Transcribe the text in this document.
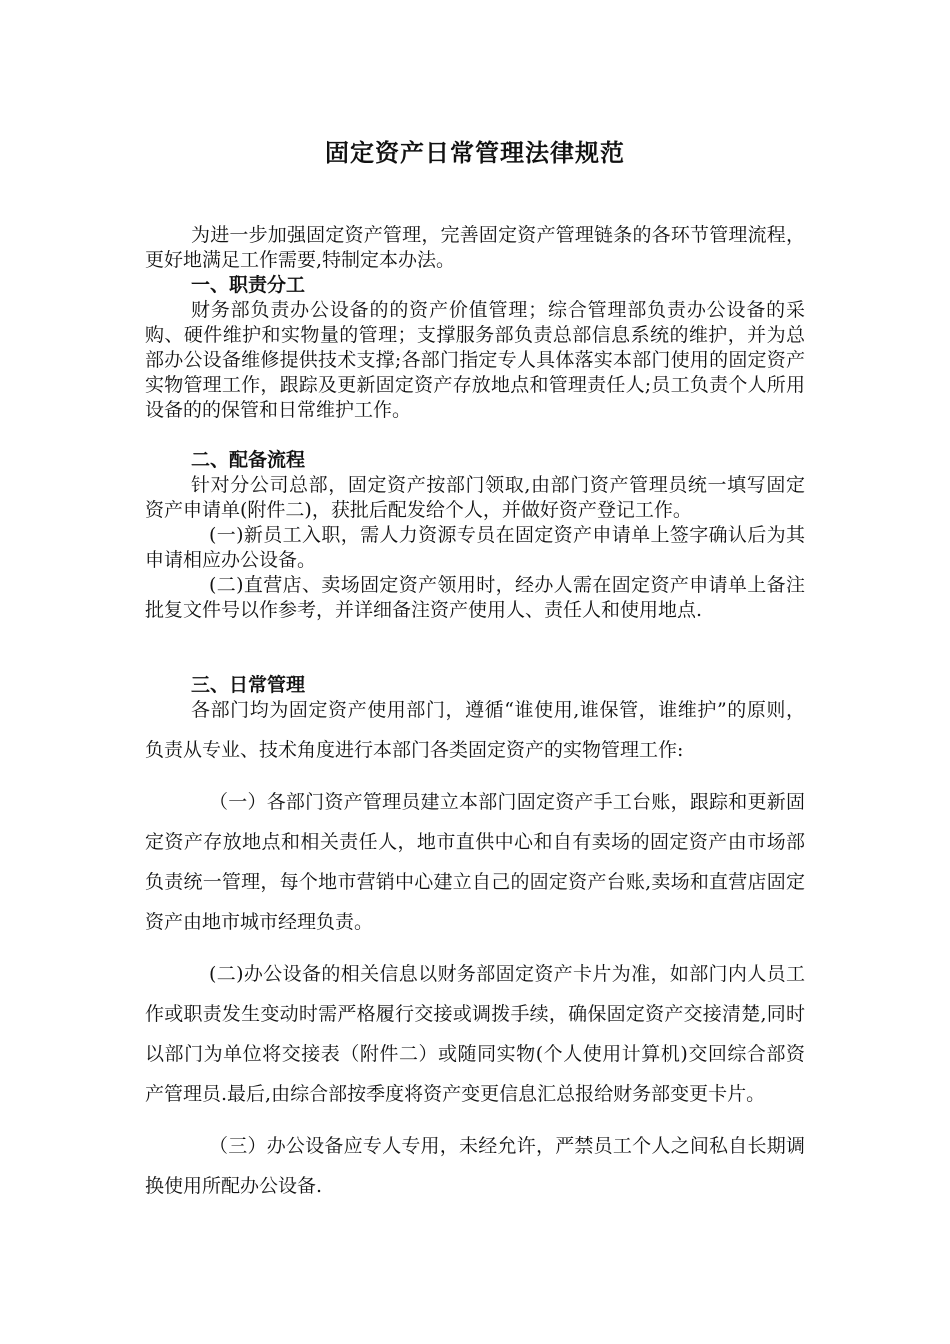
固定资产日常管理法律规范

为进一步加强固定资产管理，完善固定资产管理链条的各环节管理流程，更好地满足工作需要,特制定本办法。

一、职责分工

财务部负责办公设备的的资产价值管理；综合管理部负责办公设备的采购、硬件维护和实物量的管理；支撑服务部负责总部信息系统的维护，并为总部办公设备维修提供技术支撑;各部门指定专人具体落实本部门使用的固定资产实物管理工作，跟踪及更新固定资产存放地点和管理责任人;员工负责个人所用设备的的保管和日常维护工作。

二、配备流程

针对分公司总部，固定资产按部门领取,由部门资产管理员统一填写固定资产申请单(附件二)，获批后配发给个人，并做好资产登记工作。

(一)新员工入职，需人力资源专员在固定资产申请单上签字确认后为其申请相应办公设备。

(二)直营店、卖场固定资产领用时，经办人需在固定资产申请单上备注批复文件号以作参考，并详细备注资产使用人、责任人和使用地点.

三、日常管理

各部门均为固定资产使用部门，遵循“谁使用,谁保管，谁维护”的原则，负责从专业、技术角度进行本部门各类固定资产的实物管理工作:

（一）各部门资产管理员建立本部门固定资产手工台账，跟踪和更新固定资产存放地点和相关责任人，地市直供中心和自有卖场的固定资产由市场部负责统一管理，每个地市营销中心建立自己的固定资产台账,卖场和直营店固定资产由地市城市经理负责。

(二)办公设备的相关信息以财务部固定资产卡片为准，如部门内人员工作或职责发生变动时需严格履行交接或调拨手续，确保固定资产交接清楚,同时以部门为单位将交接表（附件二）或随同实物(个人使用计算机)交回综合部资产管理员.最后,由综合部按季度将资产变更信息汇总报给财务部变更卡片。

（三）办公设备应专人专用，未经允许，严禁员工个人之间私自长期调换使用所配办公设备.
